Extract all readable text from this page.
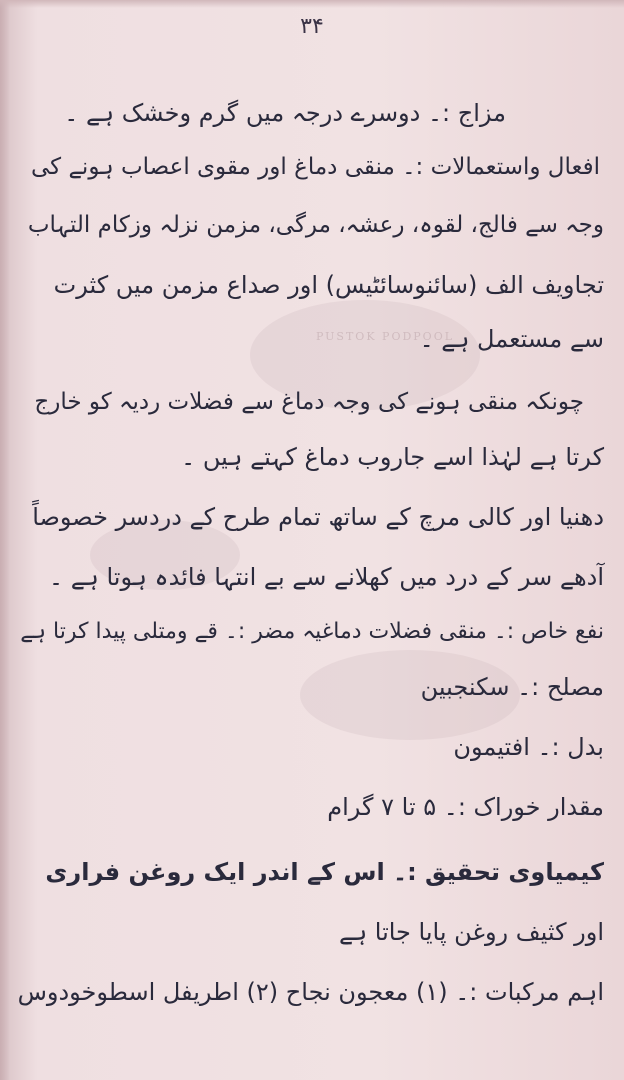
PUSTOK PODPOOL
۳۴

مزاج :۔ دوسرے درجہ میں گرم وخشک ہے ۔

افعال واستعمالات :۔ منقی دماغ اور مقوی اعصاب ہونے کی

وجہ سے فالج، لقوہ، رعشہ، مرگی، مزمن نزلہ وزکام التہاب

تجاویف الف (سائنوسائٹیس) اور صداع مزمن میں کثرت

سے مستعمل ہے ۔

چونکہ منقی ہونے کی وجہ دماغ سے فضلات ردیہ کو خارج

کرتا ہے لہٰذا اسے جاروب دماغ کہتے ہیں ۔

دھنیا اور کالی مرچ کے ساتھ تمام طرح کے دردسر خصوصاً

آدھے سر کے درد میں کھلانے سے بے انتہا فائدہ ہوتا ہے ۔

نفع خاص :۔ منقی فضلات دماغیہ مضر :۔ قے ومتلی پیدا کرتا ہے

مصلح :۔ سکنجبین

بدل :۔ افتیمون

مقدار خوراک :۔ ۵ تا ۷ گرام

کیمیاوی تحقیق :۔ اس کے اندر ایک روغن فراری

اور کثیف روغن پایا جاتا ہے

اہم مرکبات :۔ (۱) معجون نجاح (۲) اطریفل اسطوخودوس
